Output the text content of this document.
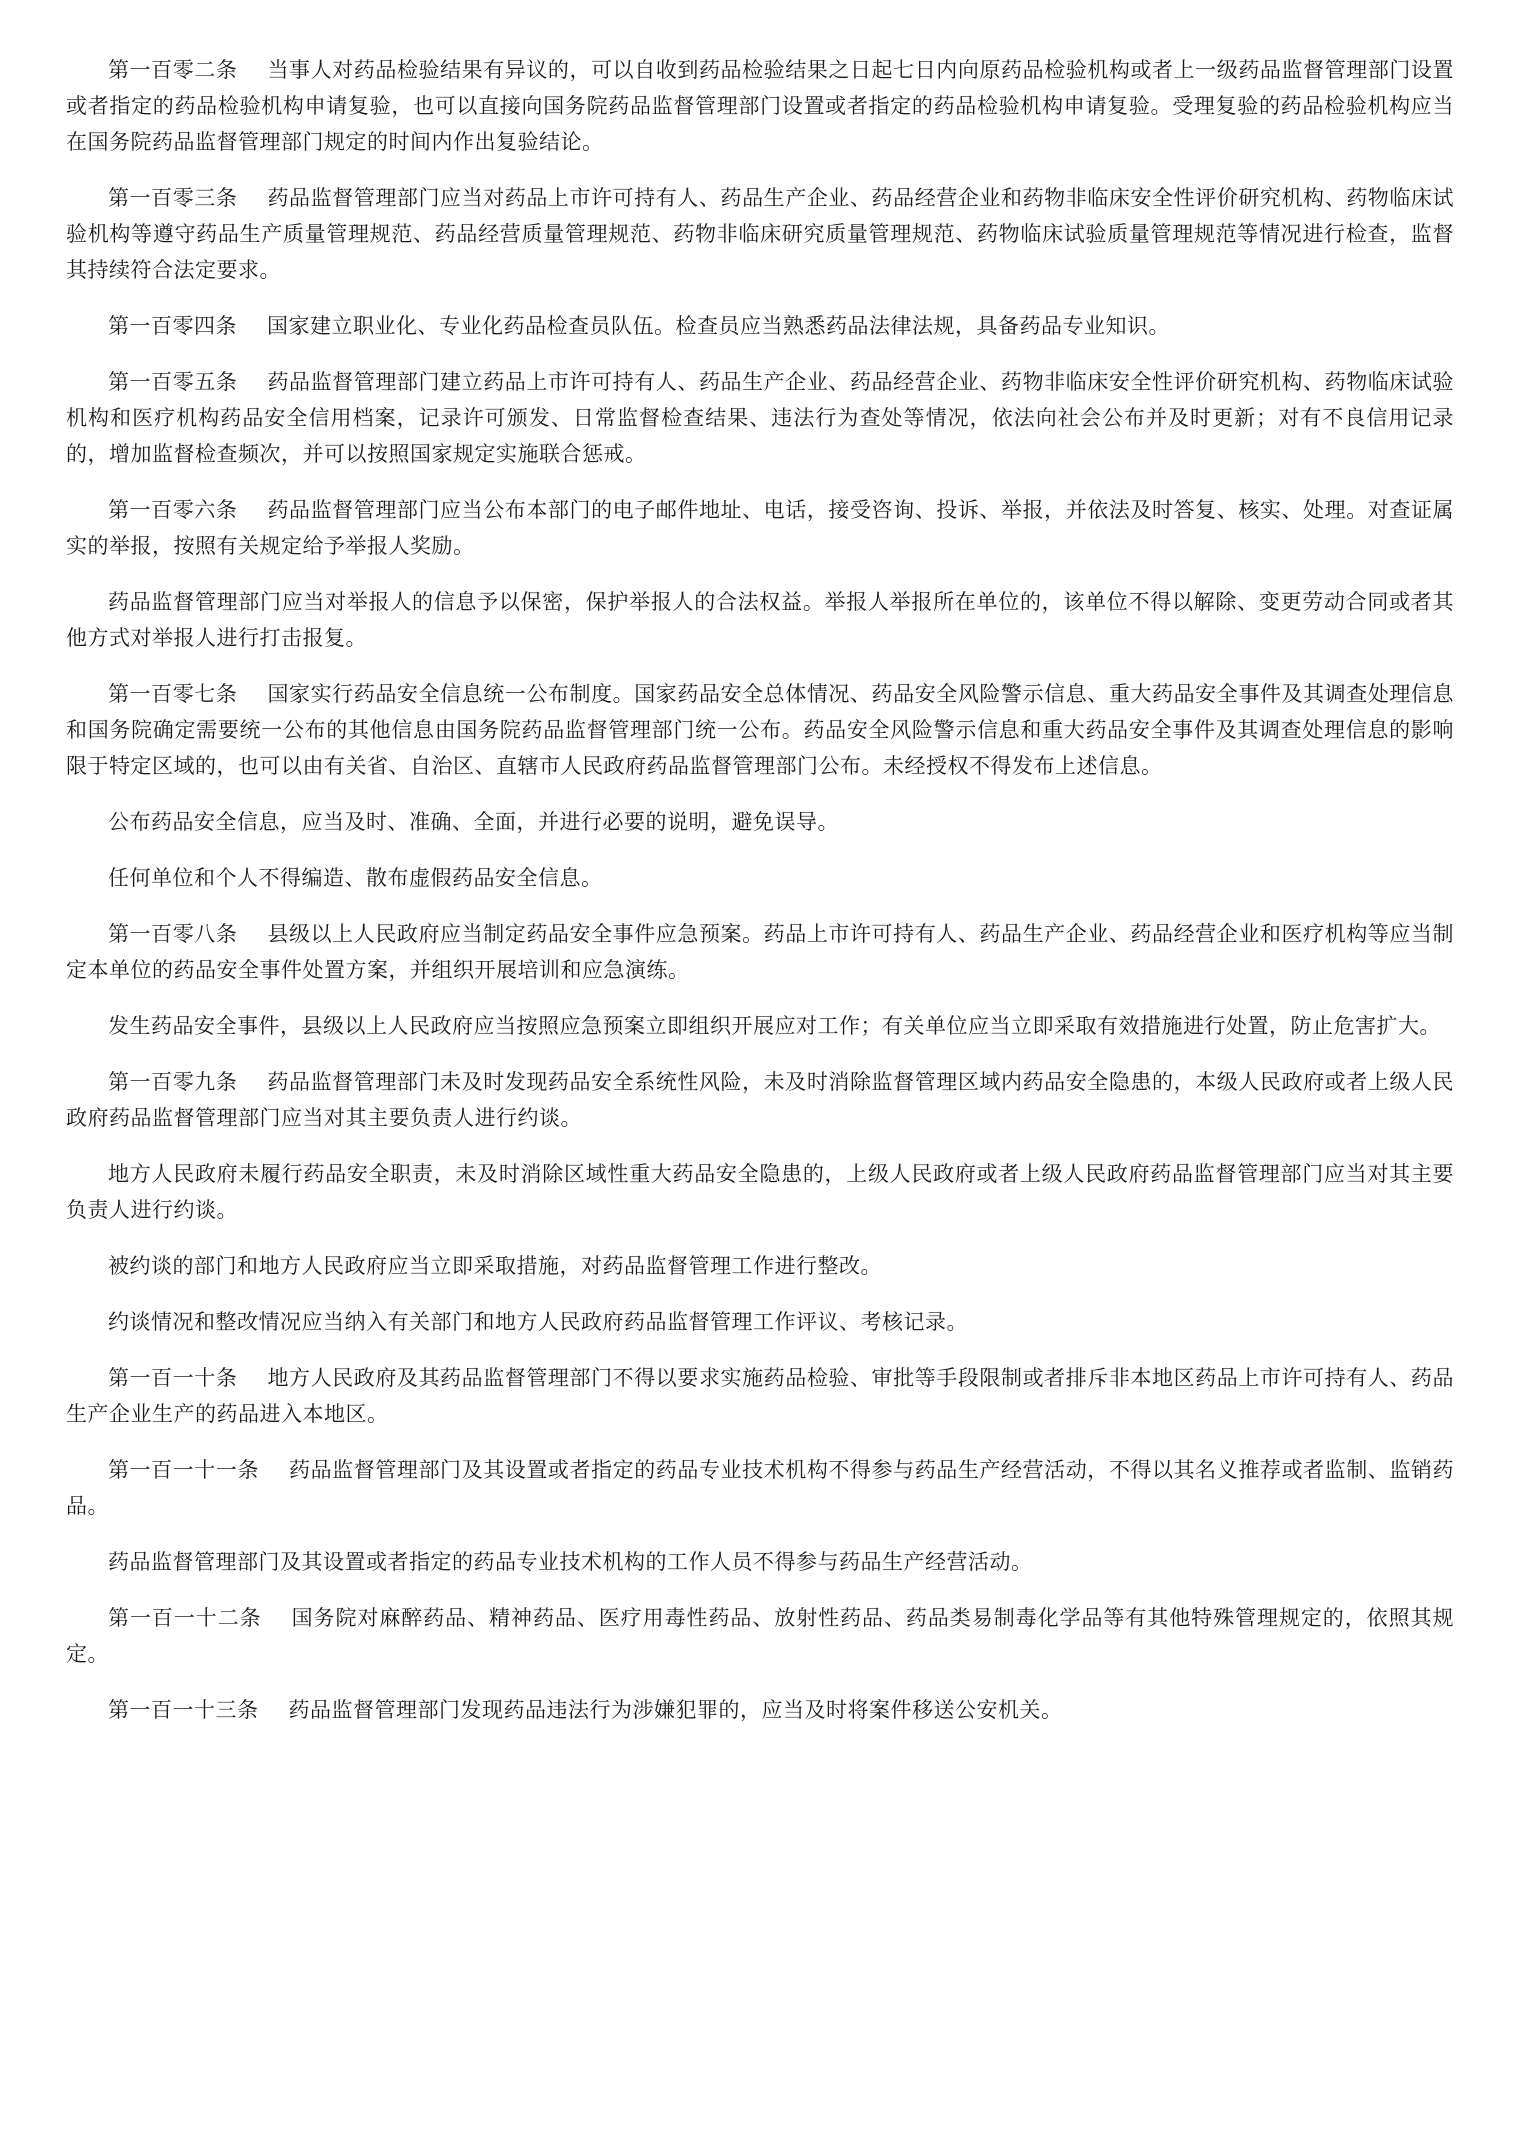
第一百零二条 当事人对药品检验结果有异议的，可以自收到药品检验结果之日起七日内向原药品检验机构或者上一级药品监督管理部门设置或者指定的药品检验机构申请复验，也可以直接向国务院药品监督管理部门设置或者指定的药品检验机构申请复验。受理复验的药品检验机构应当在国务院药品监督管理部门规定的时间内作出复验结论。

第一百零三条 药品监督管理部门应当对药品上市许可持有人、药品生产企业、药品经营企业和药物非临床安全性评价研究机构、药物临床试验机构等遵守药品生产质量管理规范、药品经营质量管理规范、药物非临床研究质量管理规范、药物临床试验质量管理规范等情况进行检查，监督其持续符合法定要求。

第一百零四条 国家建立职业化、专业化药品检查员队伍。检查员应当熟悉药品法律法规，具备药品专业知识。

第一百零五条 药品监督管理部门建立药品上市许可持有人、药品生产企业、药品经营企业、药物非临床安全性评价研究机构、药物临床试验机构和医疗机构药品安全信用档案，记录许可颁发、日常监督检查结果、违法行为查处等情况，依法向社会公布并及时更新；对有不良信用记录的，增加监督检查频次，并可以按照国家规定实施联合惩戒。

第一百零六条 药品监督管理部门应当公布本部门的电子邮件地址、电话，接受咨询、投诉、举报，并依法及时答复、核实、处理。对查证属实的举报，按照有关规定给予举报人奖励。

药品监督管理部门应当对举报人的信息予以保密，保护举报人的合法权益。举报人举报所在单位的，该单位不得以解除、变更劳动合同或者其他方式对举报人进行打击报复。

第一百零七条 国家实行药品安全信息统一公布制度。国家药品安全总体情况、药品安全风险警示信息、重大药品安全事件及其调查处理信息和国务院确定需要统一公布的其他信息由国务院药品监督管理部门统一公布。药品安全风险警示信息和重大药品安全事件及其调查处理信息的影响限于特定区域的，也可以由有关省、自治区、直辖市人民政府药品监督管理部门公布。未经授权不得发布上述信息。

公布药品安全信息，应当及时、准确、全面，并进行必要的说明，避免误导。

任何单位和个人不得编造、散布虚假药品安全信息。

第一百零八条 县级以上人民政府应当制定药品安全事件应急预案。药品上市许可持有人、药品生产企业、药品经营企业和医疗机构等应当制定本单位的药品安全事件处置方案，并组织开展培训和应急演练。

发生药品安全事件，县级以上人民政府应当按照应急预案立即组织开展应对工作；有关单位应当立即采取有效措施进行处置，防止危害扩大。

第一百零九条 药品监督管理部门未及时发现药品安全系统性风险，未及时消除监督管理区域内药品安全隐患的，本级人民政府或者上级人民政府药品监督管理部门应当对其主要负责人进行约谈。

地方人民政府未履行药品安全职责，未及时消除区域性重大药品安全隐患的，上级人民政府或者上级人民政府药品监督管理部门应当对其主要负责人进行约谈。

被约谈的部门和地方人民政府应当立即采取措施，对药品监督管理工作进行整改。

约谈情况和整改情况应当纳入有关部门和地方人民政府药品监督管理工作评议、考核记录。

第一百一十条 地方人民政府及其药品监督管理部门不得以要求实施药品检验、审批等手段限制或者排斥非本地区药品上市许可持有人、药品生产企业生产的药品进入本地区。

第一百一十一条 药品监督管理部门及其设置或者指定的药品专业技术机构不得参与药品生产经营活动，不得以其名义推荐或者监制、监销药品。

药品监督管理部门及其设置或者指定的药品专业技术机构的工作人员不得参与药品生产经营活动。

第一百一十二条 国务院对麻醉药品、精神药品、医疗用毒性药品、放射性药品、药品类易制毒化学品等有其他特殊管理规定的，依照其规定。

第一百一十三条 药品监督管理部门发现药品违法行为涉嫌犯罪的，应当及时将案件移送公安机关。
